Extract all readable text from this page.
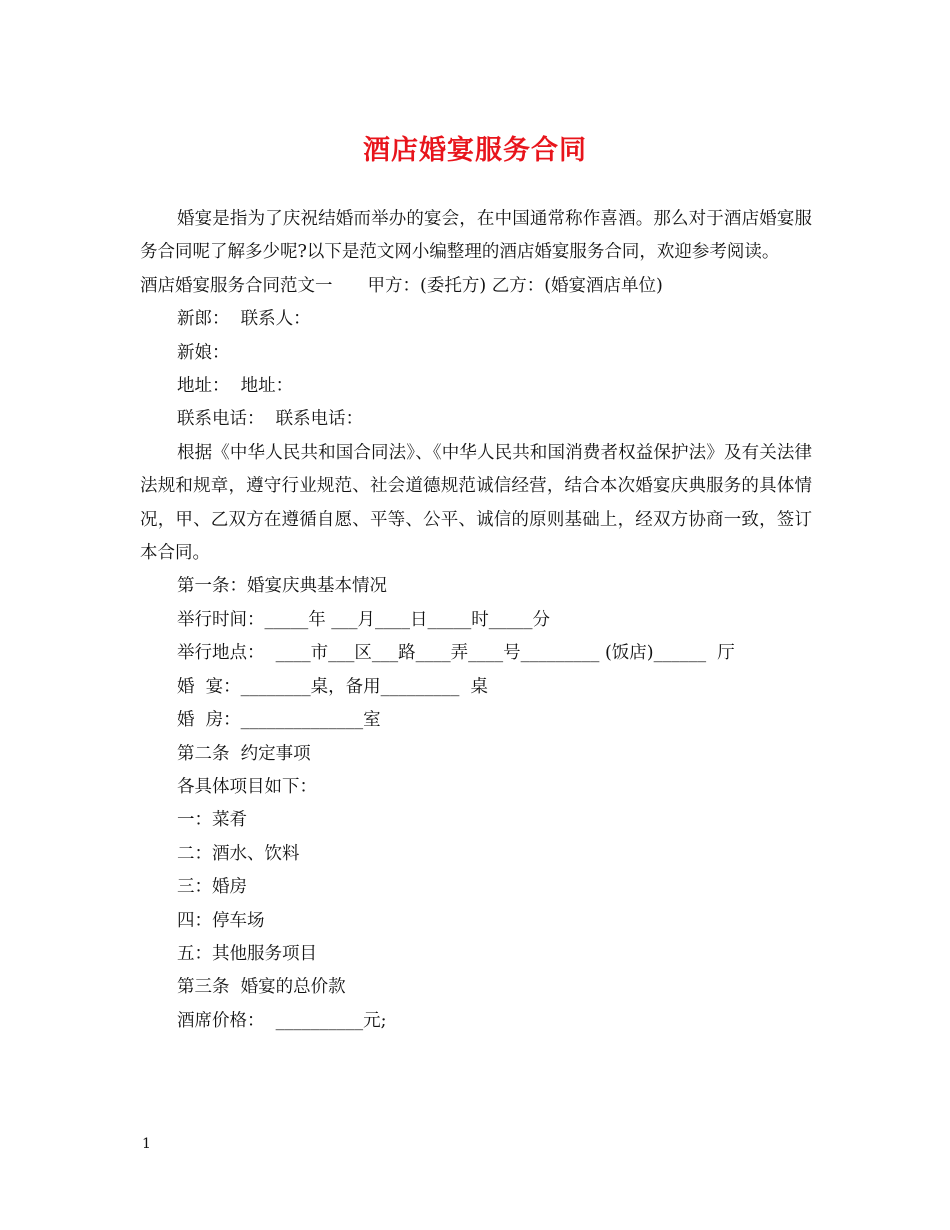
酒店婚宴服务合同

婚宴是指为了庆祝结婚而举办的宴会，在中国通常称作喜酒。那么对于酒店婚宴服务合同呢了解多少呢?以下是范文网小编整理的酒店婚宴服务合同，欢迎参考阅读。

酒店婚宴服务合同范文一　　甲方：(委托方) 乙方：(婚宴酒店单位)

新郎：  联系人：

新娘：

地址：  地址：

联系电话：  联系电话：

根据《中华人民共和国合同法》、《中华人民共和国消费者权益保护法》及有关法律法规和规章，遵守行业规范、社会道德规范诚信经营，结合本次婚宴庆典服务的具体情况，甲、乙双方在遵循自愿、平等、公平、诚信的原则基础上，经双方协商一致，签订本合同。

第一条：婚宴庆典基本情况

举行时间：_____年 ___月____日_____时_____分

举行地点：  ____市___区___路____弄____号_________ (饭店)______  厅

婚  宴：________桌，备用_________  桌

婚  房：______________室

第二条  约定事项

各具体项目如下：

一：菜肴

二：酒水、饮料

三：婚房

四：停车场

五：其他服务项目

第三条  婚宴的总价款

酒席价格：  __________元;

1
